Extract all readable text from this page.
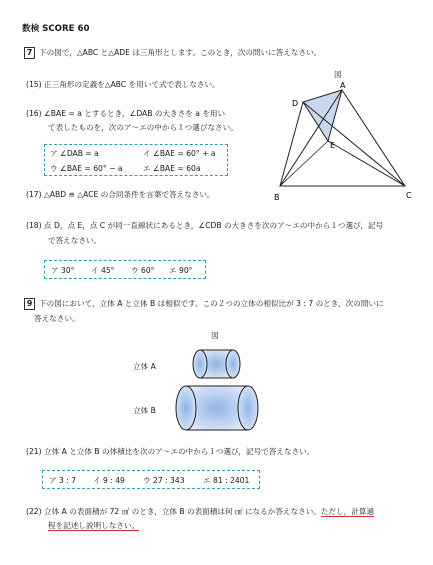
数検 SCORE 60
7 下の図で，△ABC と△ADE は三角形とします。このとき，次の問いに答えなさい。
図
(15) 正三角形の定義を△ABC を用いて式で表しなさい。
(16) ∠BAE = a とするとき，∠DAB の大きさを a を用い
て表したものを，次のア～エの中から１つ選びなさい。
ア ∠DAB = a	イ ∠BAE = 60° + a
ウ ∠BAE = 60° − a	エ ∠BAE = 60a
(17) △ABD ≡ △ACE の合同条件を言葉で答えなさい。
(18) 点 D，点 E，点 C が同一直線状にあるとき，∠CDB の大きさを次のア～エの中から１つ選び，記号
で答えなさい。
ア 30° イ 45° ウ 60° エ 90°
A
D
E
B	C
9 下の図において，立体 A と立体 B は相似です。この２つの立体の相似比が 3 : 7 のとき，次の問いに
答えなさい。
図
立体 A
立体 B
(21) 立体 A と立体 B の体積比を次のア～エの中から１つ選び，記号で答えなさい。
ア 3 : 7 イ 9 : 49 ウ 27 : 343 エ 81 : 2401
(22) 立体 A の表面積が 72 ㎠ のとき，立体 B の表面積は何 ㎠ になるか答えなさい。ただし，計算過
程を記述し説明しなさい。
